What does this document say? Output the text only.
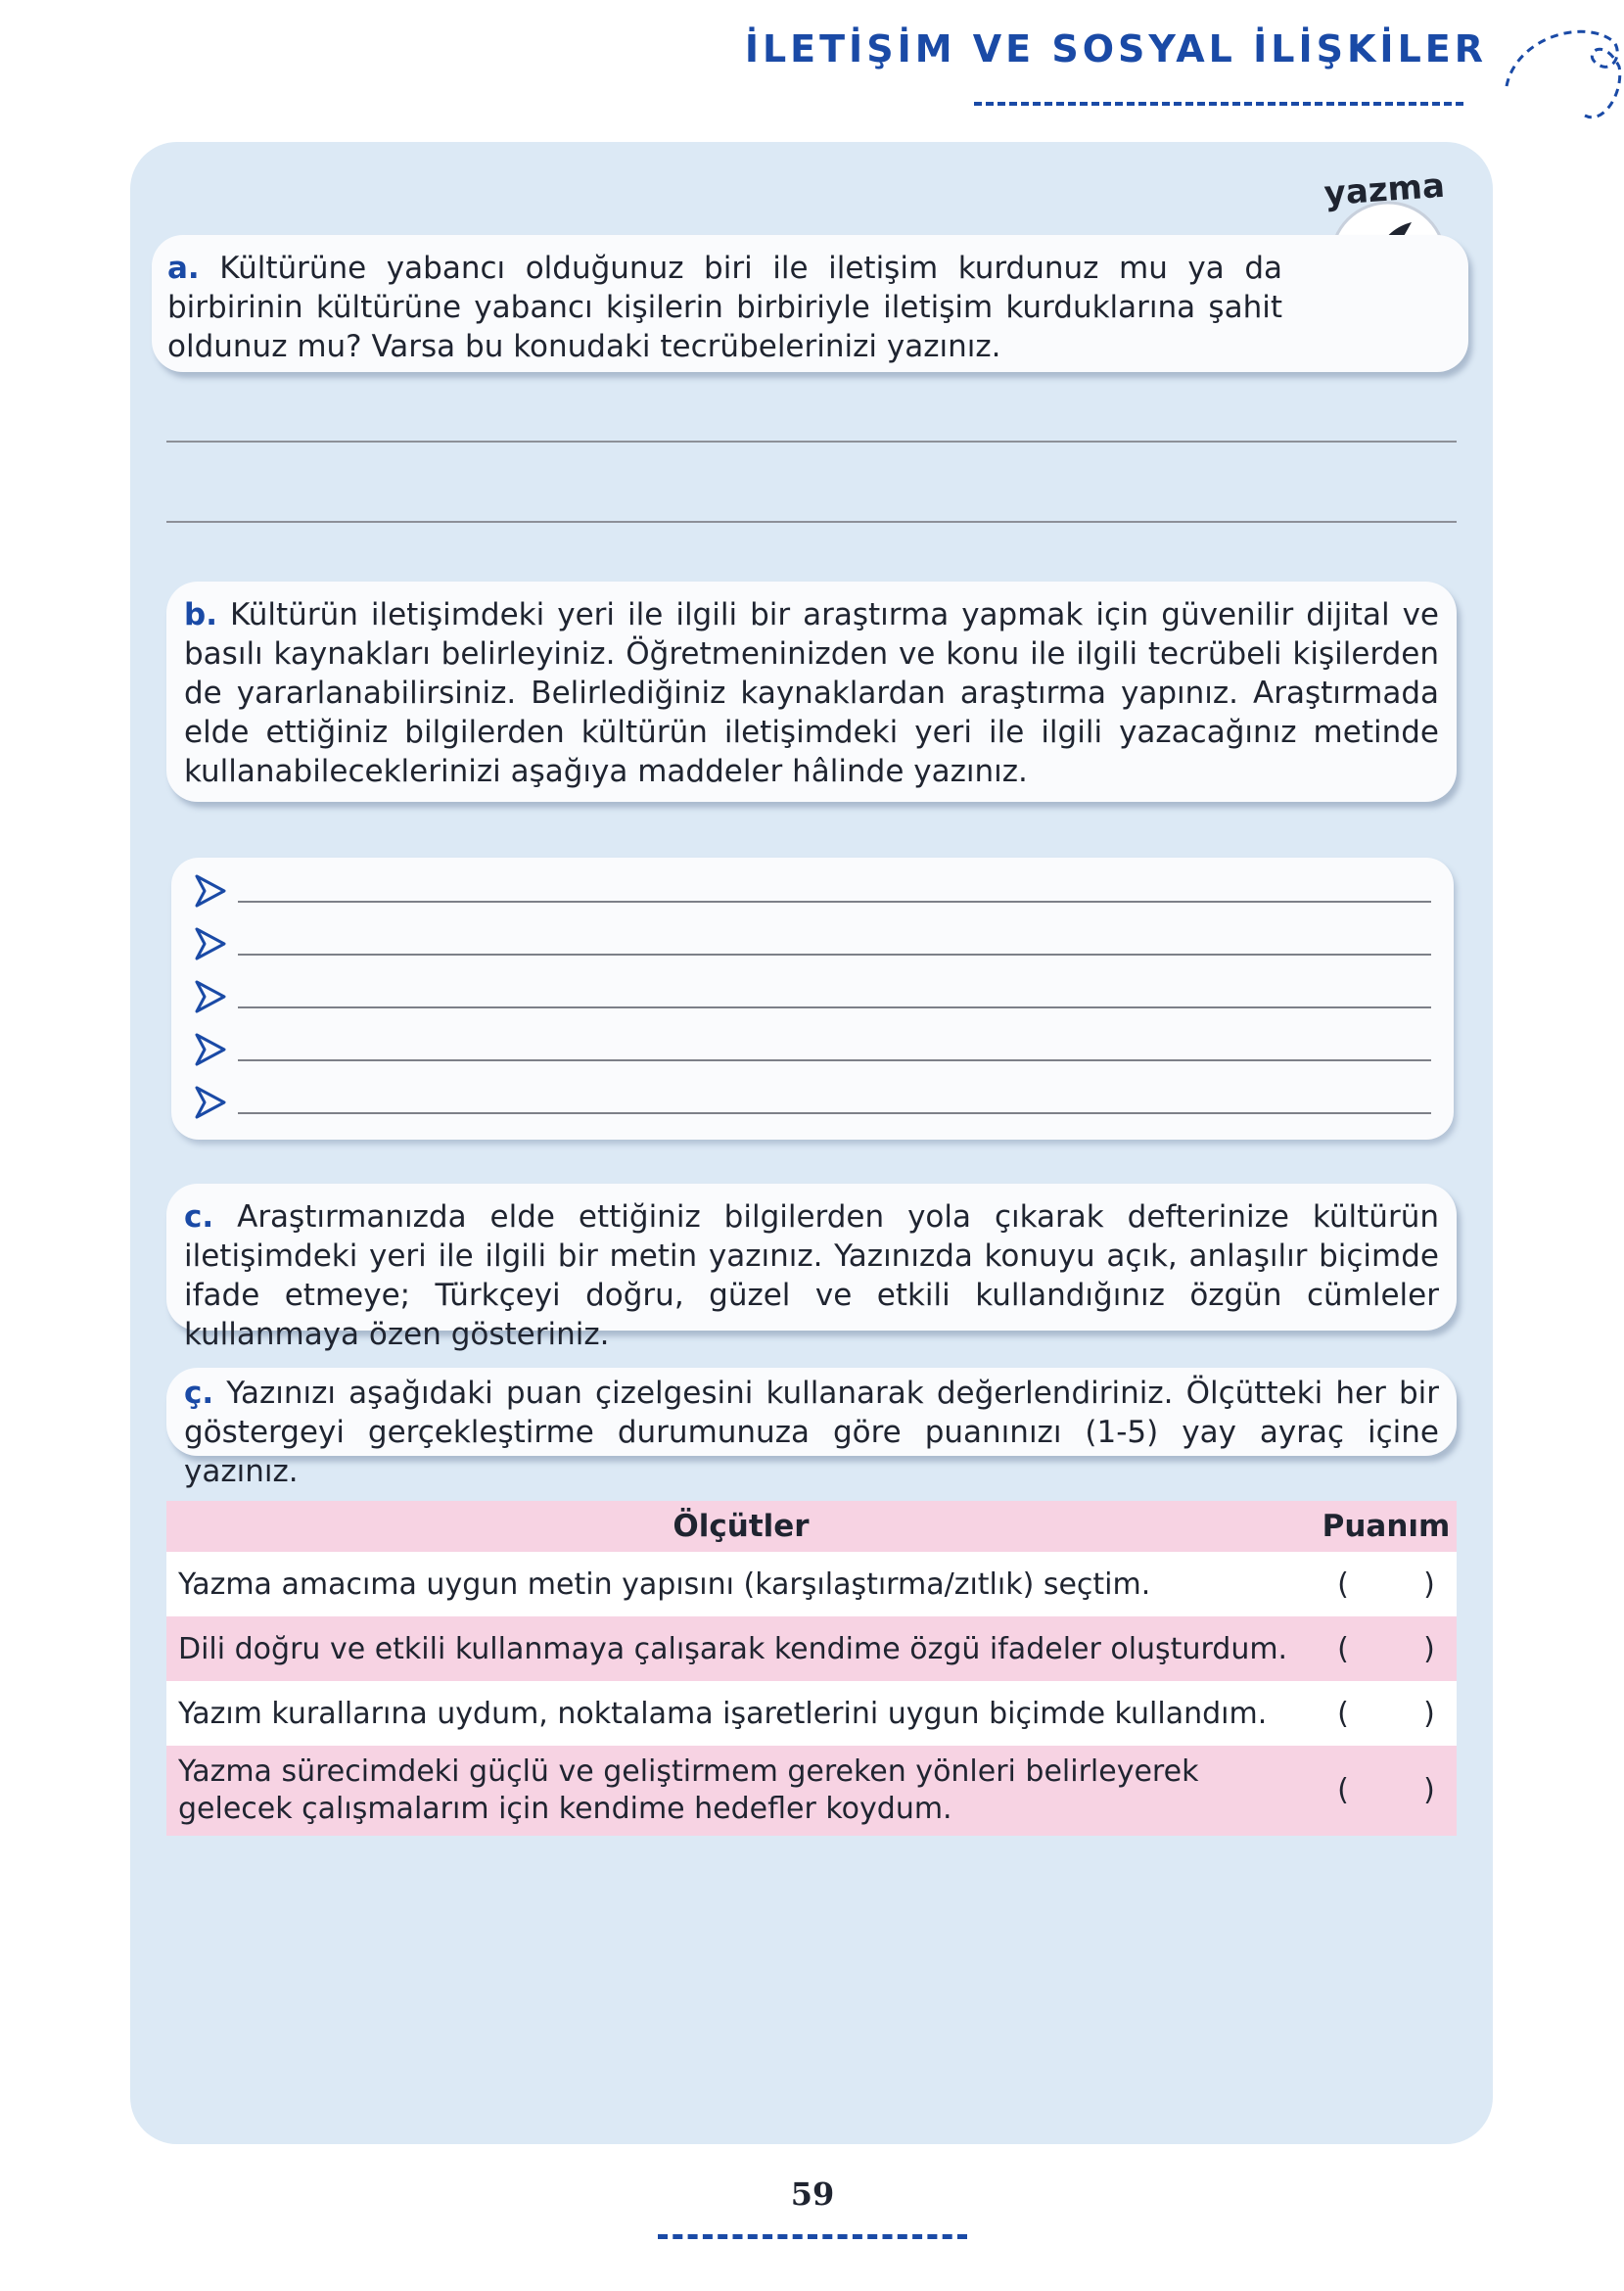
İLETİŞİM VE SOSYAL İLİŞKİLER
yazma
a. Kültürüne yabancı olduğunuz biri ile iletişim kurdunuz mu ya da birbirinin kültürüne yabancı kişilerin birbiriyle iletişim kurduklarına şahit oldunuz mu? Varsa bu konudaki tecrübelerinizi yazınız.
b. Kültürün iletişimdeki yeri ile ilgili bir araştırma yapmak için güvenilir dijital ve basılı kaynakları belirleyiniz. Öğretmeninizden ve konu ile ilgili tecrübeli kişilerden de yararlanabilirsiniz. Belirlediğiniz kaynaklardan araştırma yapınız. Araştırmada elde ettiğiniz bilgilerden kültürün iletişimdeki yeri ile ilgili yazacağınız metinde kullanabileceklerinizi aşağıya maddeler hâlinde yazınız.
c. Araştırmanızda elde ettiğiniz bilgilerden yola çıkarak defterinize kültürün iletişimdeki yeri ile ilgili bir metin yazınız. Yazınızda konuyu açık, anlaşılır biçimde ifade etmeye; Türkçeyi doğru, güzel ve etkili kullandığınız özgün cümleler kullanmaya özen gösteriniz.
ç. Yazınızı aşağıdaki puan çizelgesini kullanarak değerlendiriniz. Ölçütteki her bir göstergeyi gerçekleştirme durumunuza göre puanınızı (1-5) yay ayraç içine yazınız.
Ölçütler	Puanım
Yazma amacıma uygun metin yapısını (karşılaştırma/zıtlık) seçtim.	(        )
Dili doğru ve etkili kullanmaya çalışarak kendime özgü ifadeler oluşturdum.	(        )
Yazım kurallarına uydum, noktalama işaretlerini uygun biçimde kullandım.	(        )
Yazma sürecimdeki güçlü ve geliştirmem gereken yönleri belirleyerek gelecek çalışmalarım için kendime hedefler koydum.	(        )
59
